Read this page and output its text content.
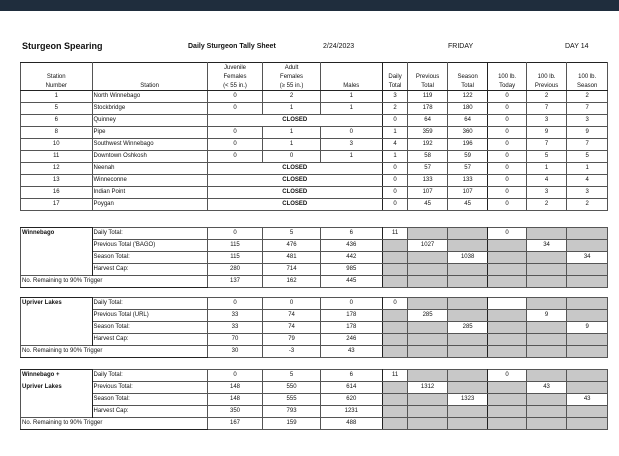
Sturgeon Spearing	Daily Sturgeon Tally Sheet	2/24/2023	FRIDAY	DAY 14
		Juvenile	Adult							
Station		Females	Females		Daily	Previous	Season	100 lb.	100 lb.	100 lb.
Number	Station	(< 55 in.)	(≥ 55 in.)	Males	Total	Total	Total	Today	Previous	Season
1	North Winnebago	0	2	1	3	119	122	0	2	2
5	Stockbridge	0	1	1	2	178	180	0	7	7
6	Quinney	CLOSED			0	64	64	0	3	3
8	Pipe	0	1	0	1	359	360	0	9	9
10	Southwest Winnebago	0	1	3	4	192	196	0	7	7
11	Downtown Oshkosh	0	0	1	1	58	59	0	5	5
12	Neenah	CLOSED			0	57	57	0	1	1
13	Winneconne	CLOSED			0	133	133	0	4	4
16	Indian Point	CLOSED			0	107	107	0	3	3
17	Poygan	CLOSED			0	45	45	0	2	2
Winnebago	Daily Total:	0	5	6	11			0		
	Previous Total ('BAGO)	115	476	436		1027			34	
	Season Total:	115	481	442			1038			34
	Harvest Cap:	280	714	985						
No. Remaining to 90% Trigger		137	162	445						
Upriver Lakes	Daily Total:	0	0	0	0					
	Previous Total (URL)	33	74	178		285			9	
	Season Total:	33	74	178			285			9
	Harvest Cap:	70	79	246						
No. Remaining to 90% Trigger		30	-3	43						
Winnebago +	Daily Total:	0	5	6	11			0		
Upriver Lakes	Previous Total:	148	550	614		1312			43	
	Season Total:	148	555	620			1323			43
	Harvest Cap:	350	793	1231						
No. Remaining to 90% Trigger		167	159	488						
